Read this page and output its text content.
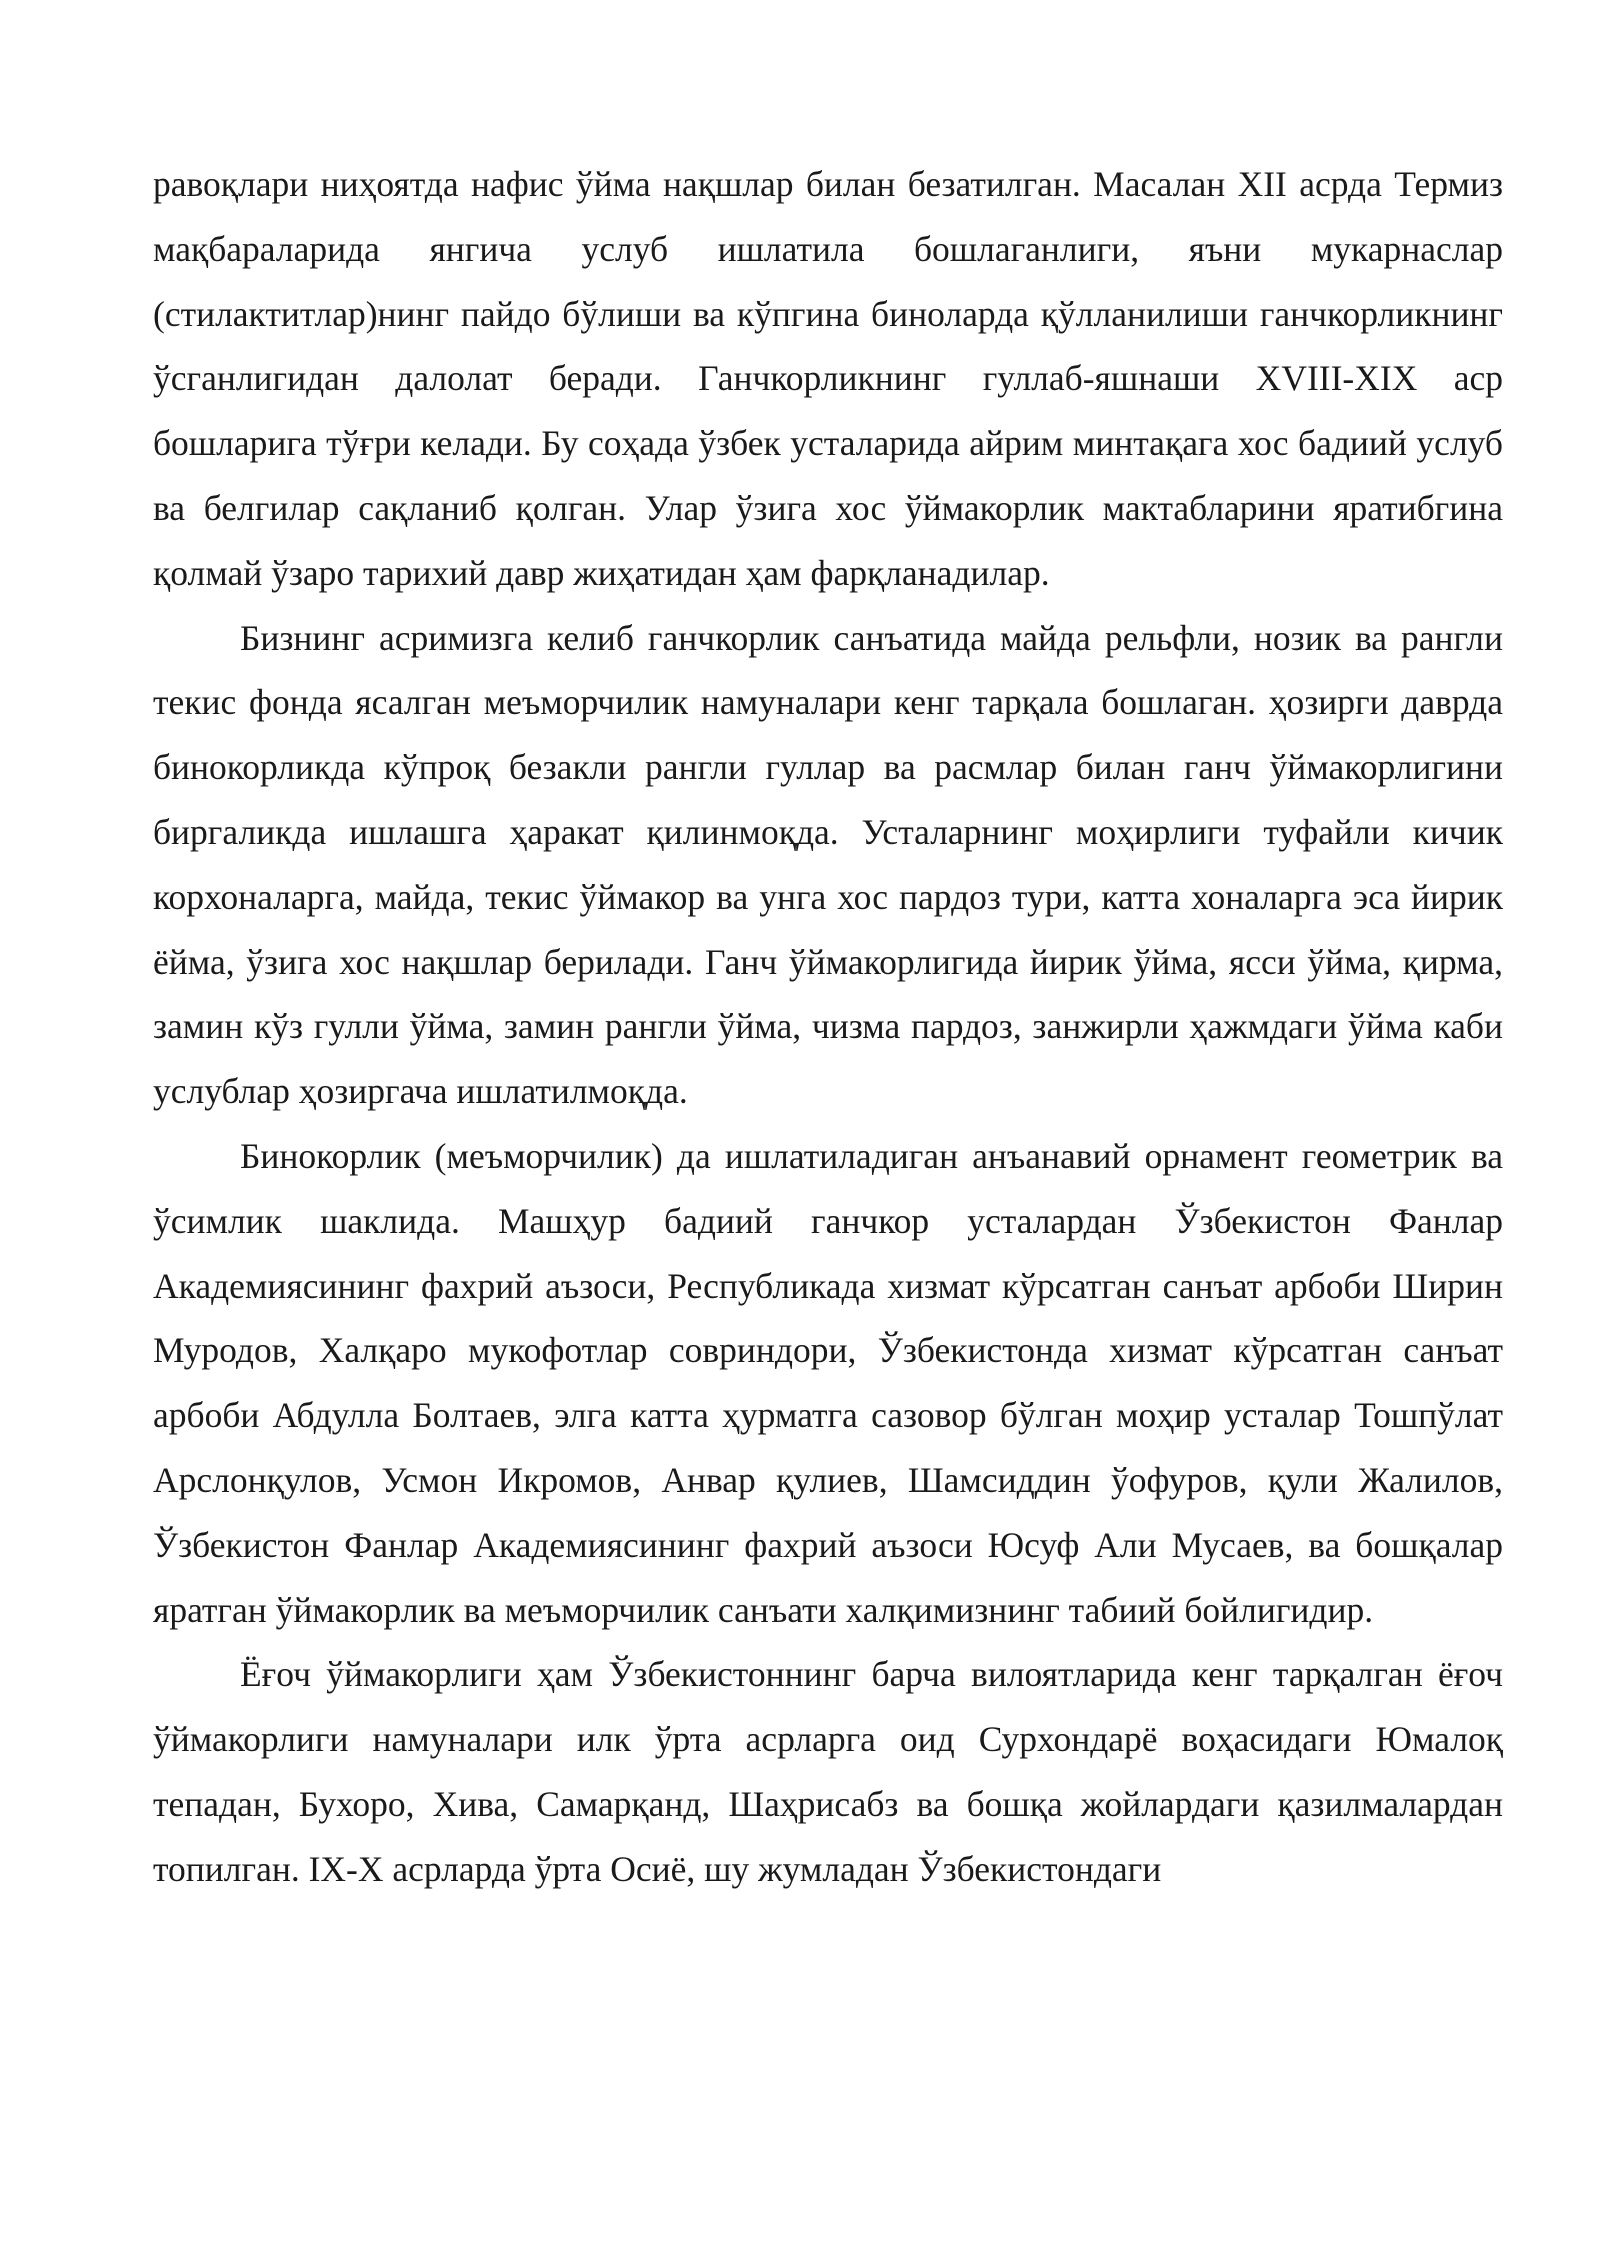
равоқлари ниҳоятда нафис ўйма нақшлар билан безатилган. Масалан XII асрда Термиз мақбараларида янгича услуб ишлатила бошлаганлиги, яъни мукарнаслар (стилактитлар)нинг пайдо бўлиши ва кўпгина биноларда қўлланилиши ганчкорликнинг ўсганлигидан далолат беради. Ганчкорликнинг гуллаб-яшнаши XVIII-XIX аср бошларига тўғри келади. Бу соҳада ўзбек усталарида айрим минтақага хос бадиий услуб ва белгилар сақланиб қолган. Улар ўзига хос ўймакорлик мактабларини яратибгина қолмай ўзаро тарихий давр жиҳатидан ҳам фарқланадилар.

Бизнинг асримизга келиб ганчкорлик санъатида майда рельфли, нозик ва рангли текис фонда ясалган меъморчилик намуналари кенг тарқала бошлаган. ҳозирги даврда бинокорликда кўпроқ безакли рангли гуллар ва расмлар билан ганч ўймакорлигини биргаликда ишлашга ҳаракат қилинмоқда. Усталарнинг моҳирлиги туфайли кичик корхоналарга, майда, текис ўймакор ва унга хос пардоз тури, катта хоналарга эса йирик ёйма, ўзига хос нақшлар берилади. Ганч ўймакорлигида йирик ўйма, ясси ўйма, қирма, замин кўз гулли ўйма, замин рангли ўйма, чизма пардоз, занжирли ҳажмдаги ўйма каби услублар ҳозиргача ишлатилмоқда.

Бинокорлик (меъморчилик) да ишлатиладиган анъанавий орнамент геометрик ва ўсимлик шаклида. Машҳур бадиий ганчкор усталардан Ўзбекистон Фанлар Академиясининг фахрий аъзоси, Республикада хизмат кўрсатган санъат арбоби Ширин Муродов, Халқаро мукофотлар совриндори, Ўзбекистонда хизмат кўрсатган санъат арбоби Абдулла Болтаев, элга катта ҳурматга сазовор бўлган моҳир усталар Тошпўлат Арслонқулов, Усмон Икромов, Анвар қулиев, Шамсиддин ўофуров, қули Жалилов, Ўзбекистон Фанлар Академиясининг фахрий аъзоси Юсуф Али Мусаев, ва бошқалар яратган ўймакорлик ва меъморчилик санъати халқимизнинг табиий бойлигидир.

Ёғоч ўймакорлиги ҳам Ўзбекистоннинг барча вилоятларида кенг тарқалган ёғоч ўймакорлиги намуналари илк ўрта асрларга оид Сурхондарё воҳасидаги Юмалоқ тепадан, Бухоро, Хива, Самарқанд, Шаҳрисабз ва бошқа жойлардаги қазилмалардан топилган. IX-X асрларда ўрта Осиё, шу жумладан Ўзбекистондаги
